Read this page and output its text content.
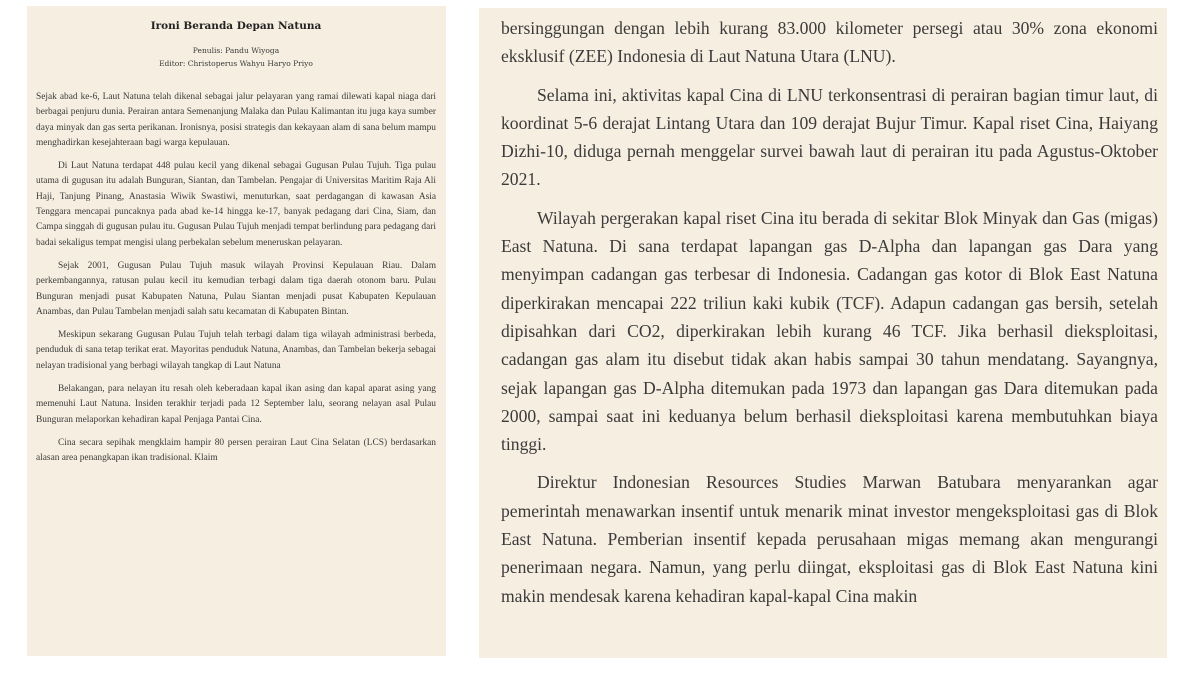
Ironi Beranda Depan Natuna
Penulis: Pandu Wiyoga
Editor: Christoperus Wahyu Haryo Priyo

Sejak abad ke-6, Laut Natuna telah dikenal sebagai jalur pelayaran yang ramai dilewati kapal niaga dari berbagai penjuru dunia. Perairan antara Semenanjung Malaka dan Pulau Kalimantan itu juga kaya sumber daya minyak dan gas serta perikanan. Ironisnya, posisi strategis dan kekayaan alam di sana belum mampu menghadirkan kesejahteraan bagi warga kepulauan.

Di Laut Natuna terdapat 448 pulau kecil yang dikenal sebagai Gugusan Pulau Tujuh. Tiga pulau utama di gugusan itu adalah Bunguran, Siantan, dan Tambelan. Pengajar di Universitas Maritim Raja Ali Haji, Tanjung Pinang, Anastasia Wiwik Swastiwi, menuturkan, saat perdagangan di kawasan Asia Tenggara mencapai puncaknya pada abad ke-14 hingga ke-17, banyak pedagang dari Cina, Siam, dan Campa singgah di gugusan pulau itu. Gugusan Pulau Tujuh menjadi tempat berlindung para pedagang dari badai sekaligus tempat mengisi ulang perbekalan sebelum meneruskan pelayaran.

Sejak 2001, Gugusan Pulau Tujuh masuk wilayah Provinsi Kepulauan Riau. Dalam perkembangannya, ratusan pulau kecil itu kemudian terbagi dalam tiga daerah otonom baru. Pulau Bunguran menjadi pusat Kabupaten Natuna, Pulau Siantan menjadi pusat Kabupaten Kepulauan Anambas, dan Pulau Tambelan menjadi salah satu kecamatan di Kabupaten Bintan.

Meskipun sekarang Gugusan Pulau Tujuh telah terbagi dalam tiga wilayah administrasi berbeda, penduduk di sana tetap terikat erat. Mayoritas penduduk Natuna, Anambas, dan Tambelan bekerja sebagai nelayan tradisional yang berbagi wilayah tangkap di Laut Natuna

Belakangan, para nelayan itu resah oleh keberadaan kapal ikan asing dan kapal aparat asing yang memenuhi Laut Natuna. Insiden terakhir terjadi pada 12 September lalu, seorang nelayan asal Pulau Bunguran melaporkan kehadiran kapal Penjaga Pantai Cina.

Cina secara sepihak mengklaim hampir 80 persen perairan Laut Cina Selatan (LCS) berdasarkan alasan area penangkapan ikan tradisional. Klaim

bersinggungan dengan lebih kurang 83.000 kilometer persegi atau 30% zona ekonomi eksklusif (ZEE) Indonesia di Laut Natuna Utara (LNU).

Selama ini, aktivitas kapal Cina di LNU terkonsentrasi di perairan bagian timur laut, di koordinat 5-6 derajat Lintang Utara dan 109 derajat Bujur Timur. Kapal riset Cina, Haiyang Dizhi-10, diduga pernah menggelar survei bawah laut di perairan itu pada Agustus-Oktober 2021.

Wilayah pergerakan kapal riset Cina itu berada di sekitar Blok Minyak dan Gas (migas) East Natuna. Di sana terdapat lapangan gas D-Alpha dan lapangan gas Dara yang menyimpan cadangan gas terbesar di Indonesia. Cadangan gas kotor di Blok East Natuna diperkirakan mencapai 222 triliun kaki kubik (TCF). Adapun cadangan gas bersih, setelah dipisahkan dari CO2, diperkirakan lebih kurang 46 TCF. Jika berhasil dieksploitasi, cadangan gas alam itu disebut tidak akan habis sampai 30 tahun mendatang. Sayangnya, sejak lapangan gas D-Alpha ditemukan pada 1973 dan lapangan gas Dara ditemukan pada 2000, sampai saat ini keduanya belum berhasil dieksploitasi karena membutuhkan biaya tinggi.

Direktur Indonesian Resources Studies Marwan Batubara menyarankan agar pemerintah menawarkan insentif untuk menarik minat investor mengeksploitasi gas di Blok East Natuna. Pemberian insentif kepada perusahaan migas memang akan mengurangi penerimaan negara. Namun, yang perlu diingat, eksploitasi gas di Blok East Natuna kini makin mendesak karena kehadiran kapal-kapal Cina makin
